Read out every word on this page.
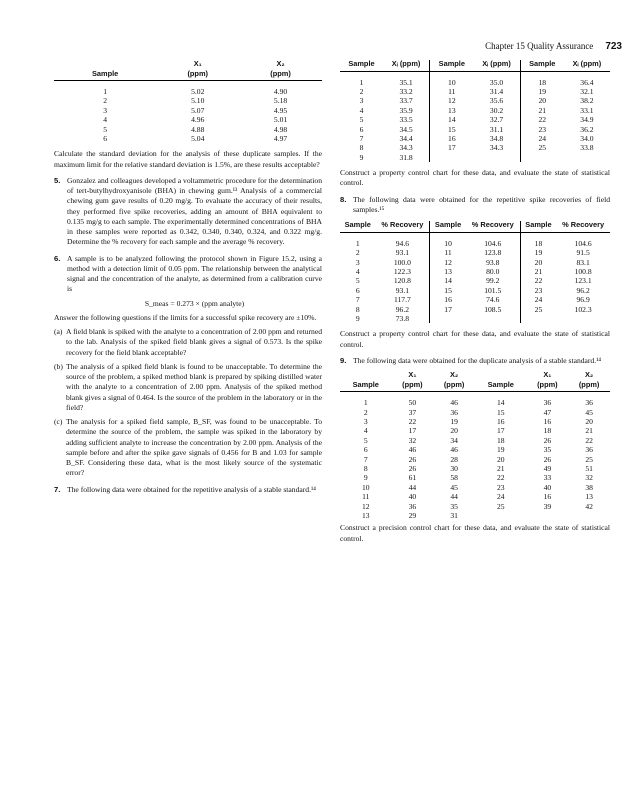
Chapter 15 Quality Assurance 723
	X₁	X₂
Sample	(ppm)	(ppm)
1	5.02	4.90
2	5.10	5.18
3	5.07	4.95
4	4.96	5.01
5	4.88	4.98
6	5.04	4.97

Calculate the standard deviation for the analysis of these duplicate samples. If the maximum limit for the relative standard deviation is 1.5%, are these results acceptable?

5. Gonzalez and colleagues developed a voltammetric procedure for the determination of tert-butylhydroxyanisole (BHA) in chewing gum.¹³ Analysis of a commercial chewing gum gave results of 0.20 mg/g. To evaluate the accuracy of their results, they performed five spike recoveries, adding an amount of BHA equivalent to 0.135 mg/g to each sample. The experimentally determined concentrations of BHA in these samples were reported as 0.342, 0.340, 0.340, 0.324, and 0.322 mg/g. Determine the % recovery for each sample and the average % recovery.

6. A sample is to be analyzed following the protocol shown in Figure 15.2, using a method with a detection limit of 0.05 ppm. The relationship between the analytical signal and the concentration of the analyte, as determined from a calibration curve is

S_meas = 0.273 × (ppm analyte)

Answer the following questions if the limits for a successful spike recovery are ±10%.

(a) A field blank is spiked with the analyte to a concentration of 2.00 ppm and returned to the lab. Analysis of the spiked field blank gives a signal of 0.573. Is the spike recovery for the field blank acceptable?

(b) The analysis of a spiked field blank is found to be unacceptable. To determine the source of the problem, a spiked method blank is prepared by spiking distilled water with the analyte to a concentration of 2.00 ppm. Analysis of the spiked method blank gives a signal of 0.464. Is the source of the problem in the laboratory or in the field?

(c) The analysis for a spiked field sample, B_SF, was found to be unacceptable. To determine the source of the problem, the sample was spiked in the laboratory by adding sufficient analyte to increase the concentration by 2.00 ppm. Analysis of the sample before and after the spike gave signals of 0.456 for B and 1.03 for sample B_SF. Considering these data, what is the most likely source of the systematic error?

7. The following data were obtained for the repetitive analysis of a stable standard.¹⁴

Sample	Xᵢ (ppm)	Sample	Xᵢ (ppm)	Sample	Xᵢ (ppm)
1	35.1	10	35.0	18	36.4
2	33.2	11	31.4	19	32.1
3	33.7	12	35.6	20	38.2
4	35.9	13	30.2	21	33.1
5	33.5	14	32.7	22	34.9
6	34.5	15	31.1	23	36.2
7	34.4	16	34.8	24	34.0
8	34.3	17	34.3	25	33.8
9	31.8				

Construct a property control chart for these data, and evaluate the state of statistical control.

8. The following data were obtained for the repetitive spike recoveries of field samples.¹⁵

Sample	% Recovery	Sample	% Recovery	Sample	% Recovery
1	94.6	10	104.6	18	104.6
2	93.1	11	123.8	19	91.5
3	100.0	12	93.8	20	83.1
4	122.3	13	80.0	21	100.8
5	120.8	14	99.2	22	123.1
6	93.1	15	101.5	23	96.2
7	117.7	16	74.6	24	96.9
8	96.2	17	108.5	25	102.3
9	73.8				

Construct a property control chart for these data, and evaluate the state of statistical control.

9. The following data were obtained for the duplicate analysis of a stable standard.¹⁴

	X₁	X₂		X₁	X₂
Sample	(ppm)	(ppm)	Sample	(ppm)	(ppm)
1	50	46	14	36	36
2	37	36	15	47	45
3	22	19	16	16	20
4	17	20	17	18	21
5	32	34	18	26	22
6	46	46	19	35	36
7	26	28	20	26	25
8	26	30	21	49	51
9	61	58	22	33	32
10	44	45	23	40	38
11	40	44	24	16	13
12	36	35	25	39	42
13	29	31			

Construct a precision control chart for these data, and evaluate the state of statistical control.
